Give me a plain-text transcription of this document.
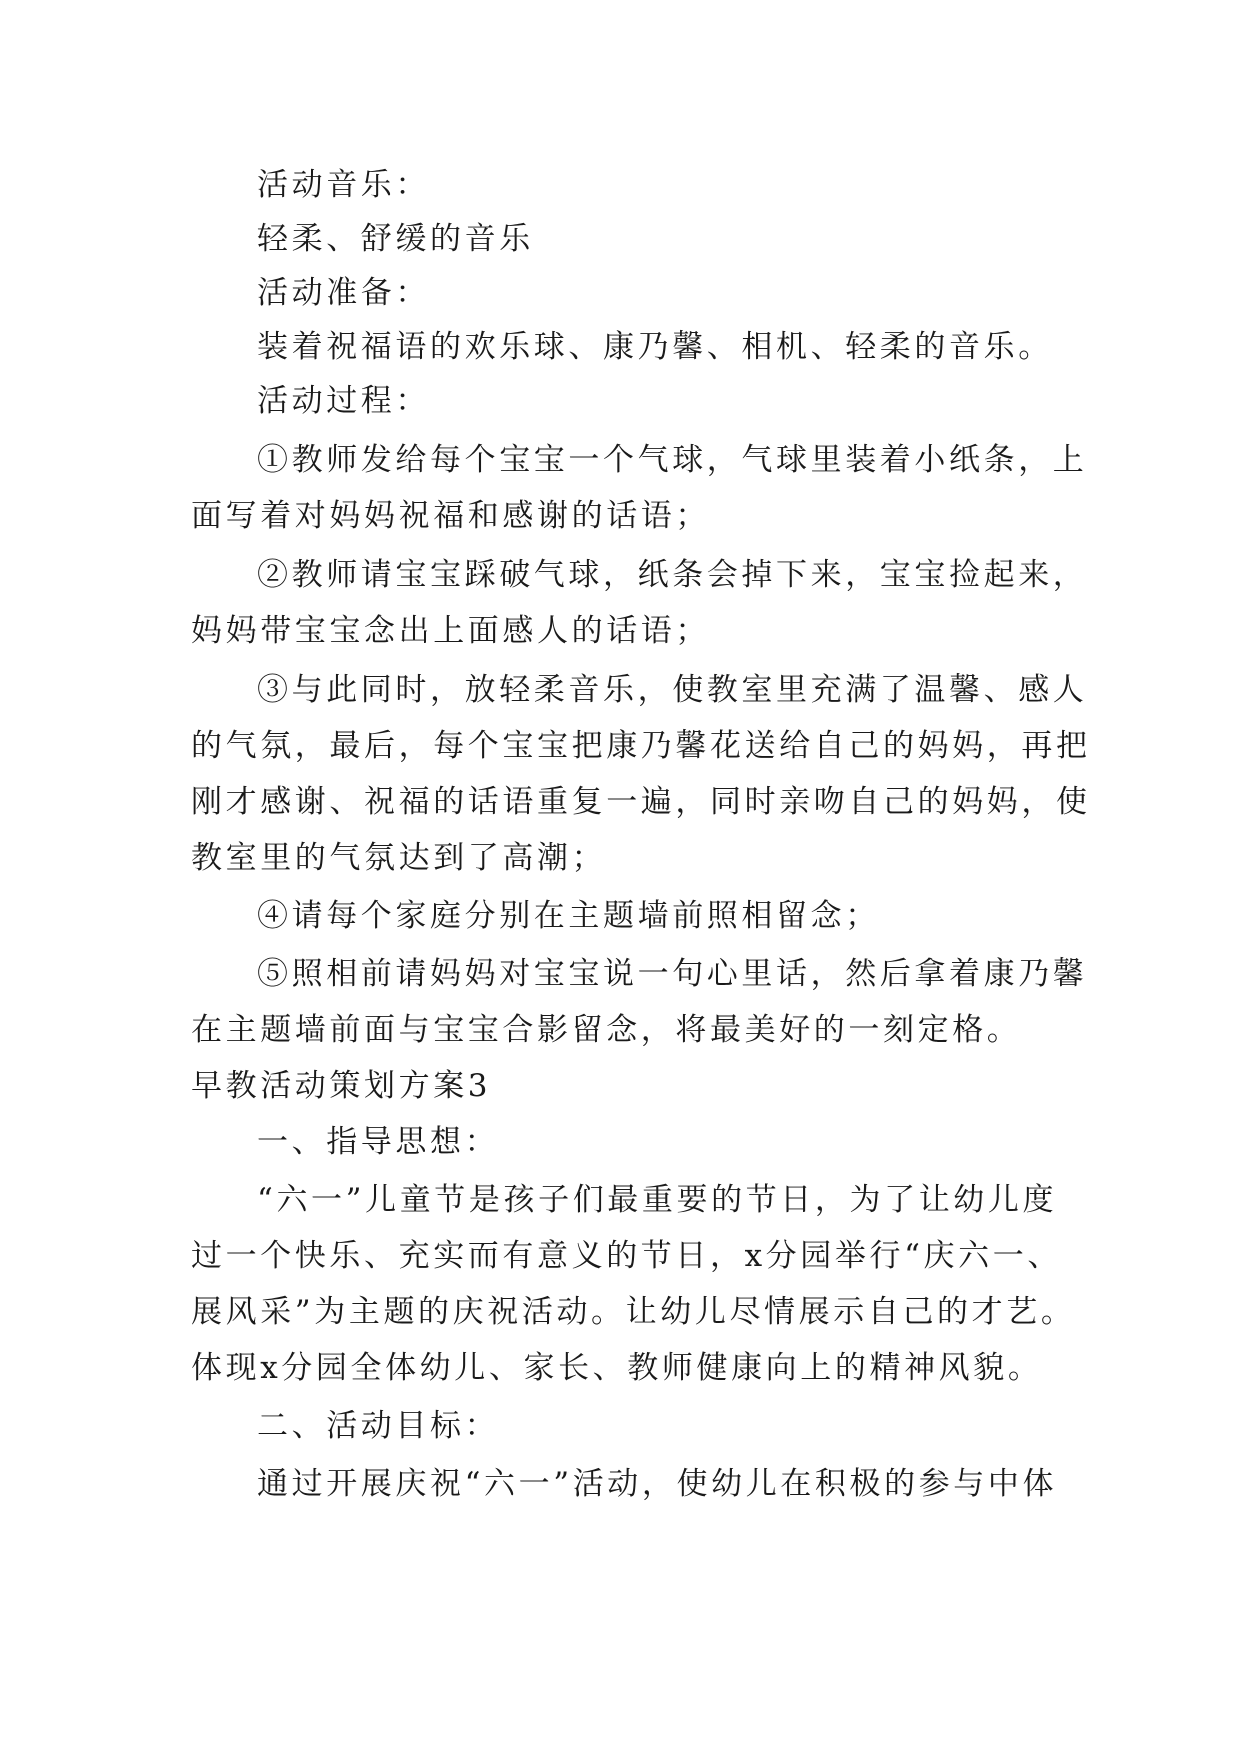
活动音乐：
轻柔、舒缓的音乐
活动准备：
装着祝福语的欢乐球、康乃馨、相机、轻柔的音乐。
活动过程：
①教师发给每个宝宝一个气球，气球里装着小纸条，上
面写着对妈妈祝福和感谢的话语；
②教师请宝宝踩破气球，纸条会掉下来，宝宝捡起来，
妈妈带宝宝念出上面感人的话语；
③与此同时，放轻柔音乐，使教室里充满了温馨、感人
的气氛，最后，每个宝宝把康乃馨花送给自己的妈妈，再把
刚才感谢、祝福的话语重复一遍，同时亲吻自己的妈妈，使
教室里的气氛达到了高潮；
④请每个家庭分别在主题墙前照相留念；
⑤照相前请妈妈对宝宝说一句心里话，然后拿着康乃馨
在主题墙前面与宝宝合影留念，将最美好的一刻定格。
早教活动策划方案3
一、指导思想：
“六一”儿童节是孩子们最重要的节日，为了让幼儿度
过一个快乐、充实而有意义的节日，x分园举行“庆六一、
展风采”为主题的庆祝活动。让幼儿尽情展示自己的才艺。
体现x分园全体幼儿、家长、教师健康向上的精神风貌。
二、活动目标：
通过开展庆祝“六一”活动，使幼儿在积极的参与中体
